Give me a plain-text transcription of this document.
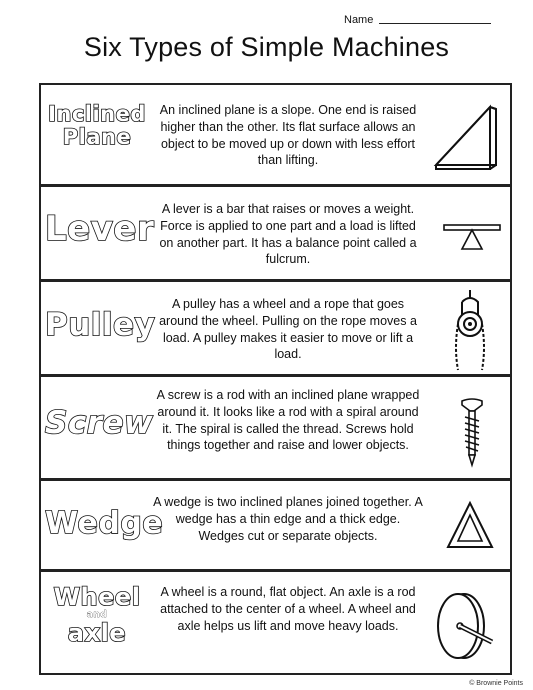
Name
Six Types of Simple Machines
Inclined
Plane
An inclined plane is a slope. One end is raised higher than the other. Its flat surface allows an object to be moved up or down with less effort than lifting.
Lever A lever is a bar that raises or moves a weight. Force is applied to one part and a load is lifted on another part. It has a balance point called a fulcrum.
Pulley
A pulley has a wheel and a rope that goes around the wheel. Pulling on the rope moves a load. A pulley makes it easier to move or lift a load.
Screw
A screw is a rod with an inclined plane wrapped around it. It looks like a rod with a spiral around it. The spiral is called the thread. Screws hold things together and raise and lower objects.
Wedge
A wedge is two inclined planes joined together. A wedge has a thin edge and a thick edge. Wedges cut or separate objects.
Wheel
and
axle
A wheel is a round, flat object. An axle is a rod attached to the center of a wheel. A wheel and axle helps us lift and move heavy loads.
© Brownie Points
